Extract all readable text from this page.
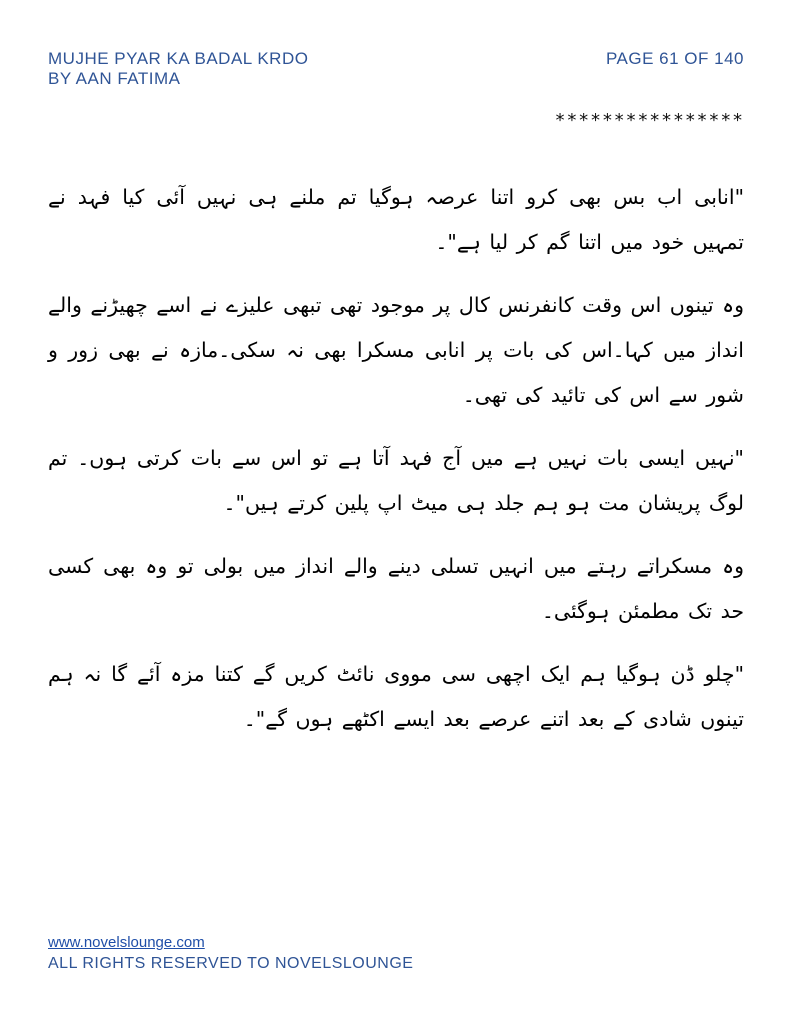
MUJHE PYAR KA BADAL KRDO
BY AAN FATIMA
PAGE 61 OF 140
****************

"انابی اب بس بھی کرو اتنا عرصہ ہوگیا تم ملنے ہی نہیں آئی کیا فہد نے تمہیں خود میں اتنا گم کر لیا ہے"۔

وہ تینوں اس وقت کانفرنس کال پر موجود تھی تبھی علیزے نے اسے چھیڑنے والے انداز میں کہا۔اس کی بات پر انابی مسکرا بھی نہ سکی۔مازہ نے بھی زور و شور سے اس کی تائید کی تھی۔

"نہیں ایسی بات نہیں ہے میں آج فہد آتا ہے تو اس سے بات کرتی ہوں۔ تم لوگ پریشان مت ہو ہم جلد ہی میٹ اپ پلین کرتے ہیں"۔

وہ مسکراتے رہتے میں انہیں تسلی دینے والے انداز میں بولی تو وہ بھی کسی حد تک مطمئن ہوگئی۔

"چلو ڈن ہوگیا ہم ایک اچھی سی مووی نائٹ کریں گے کتنا مزہ آئے گا نہ ہم تینوں شادی کے بعد اتنے عرصے بعد ایسے اکٹھے ہوں گے"۔

www.novelslounge.com
ALL RIGHTS RESERVED TO NOVELSLOUNGE
